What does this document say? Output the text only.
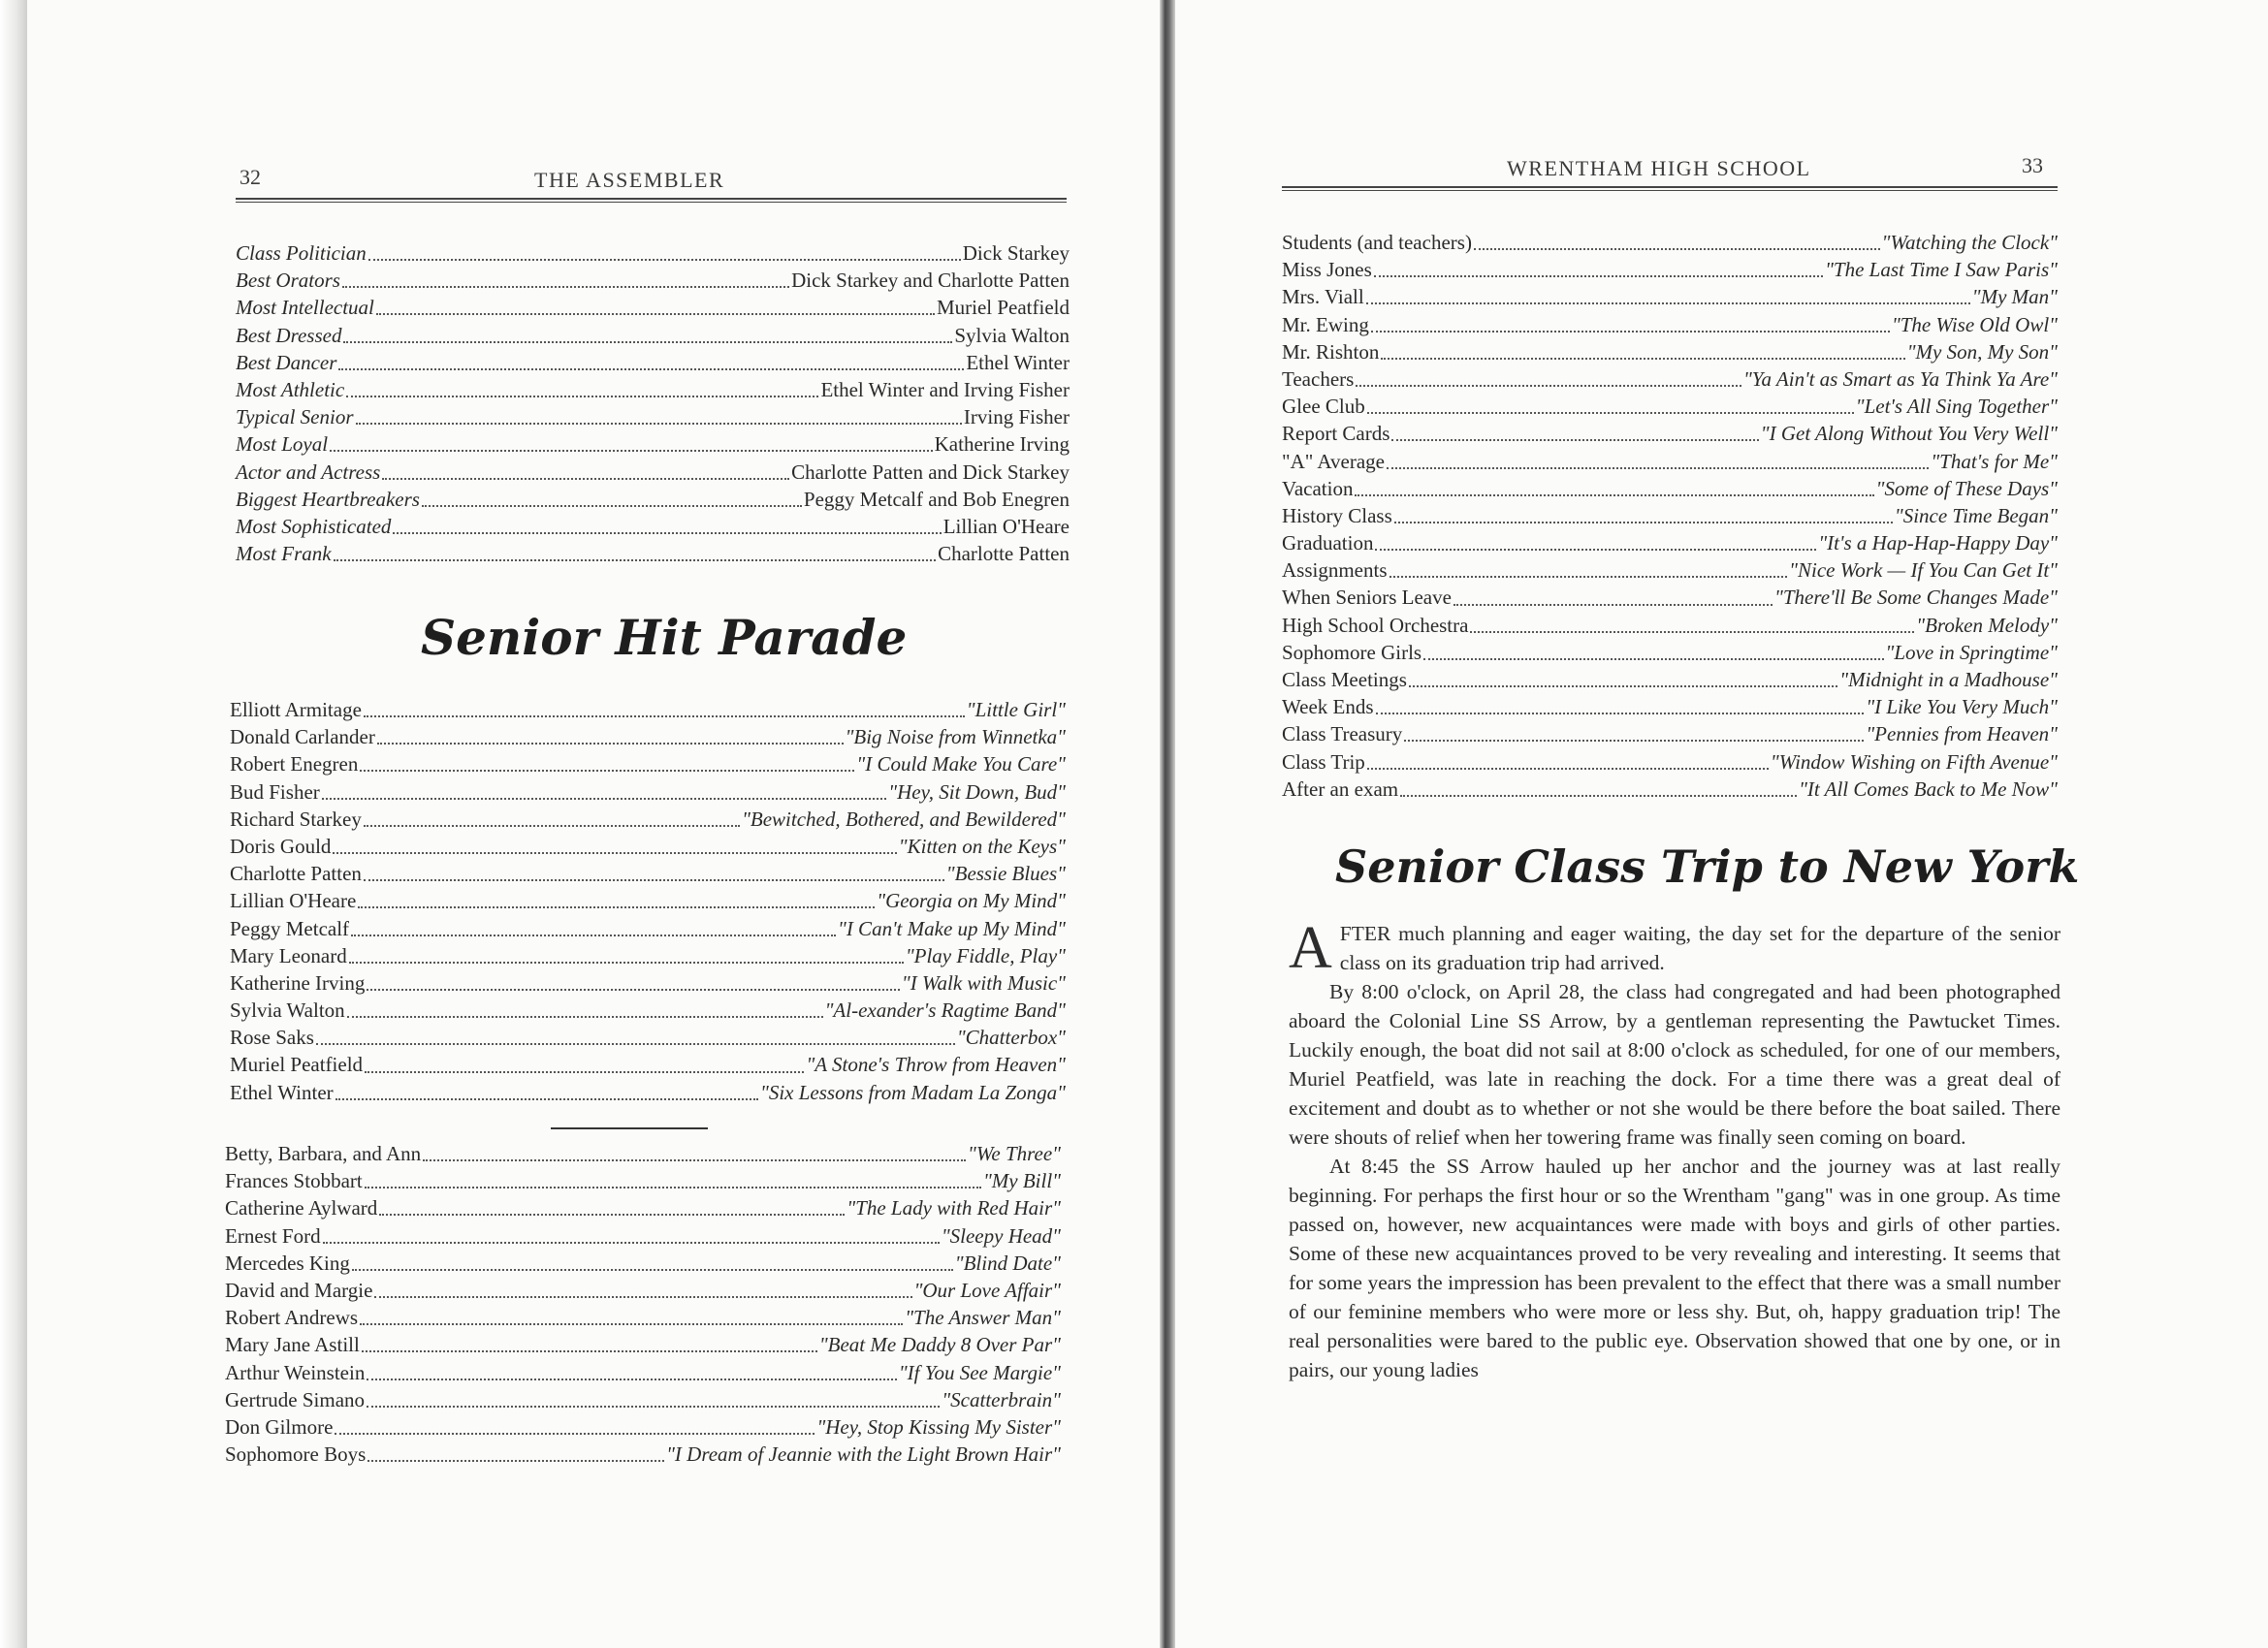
32	THE ASSEMBLER
Class Politician	Dick Starkey
Best Orators	Dick Starkey and Charlotte Patten
Most Intellectual	Muriel Peatfield
Best Dressed	Sylvia Walton
Best Dancer	Ethel Winter
Most Athletic	Ethel Winter and Irving Fisher
Typical Senior	Irving Fisher
Most Loyal	Katherine Irving
Actor and Actress	Charlotte Patten and Dick Starkey
Biggest Heartbreakers	Peggy Metcalf and Bob Enegren
Most Sophisticated	Lillian O'Heare
Most Frank	Charlotte Patten
Senior Hit Parade
Elliott Armitage	"Little Girl"
Donald Carlander	"Big Noise from Winnetka"
Robert Enegren	"I Could Make You Care"
Bud Fisher	"Hey, Sit Down, Bud"
Richard Starkey	"Bewitched, Bothered, and Bewildered"
Doris Gould	"Kitten on the Keys"
Charlotte Patten	"Bessie Blues"
Lillian O'Heare	"Georgia on My Mind"
Peggy Metcalf	"I Can't Make up My Mind"
Mary Leonard	"Play Fiddle, Play"
Katherine Irving	"I Walk with Music"
Sylvia Walton	"Al-exander's Ragtime Band"
Rose Saks	"Chatterbox"
Muriel Peatfield	"A Stone's Throw from Heaven"
Ethel Winter	"Six Lessons from Madam La Zonga"
Betty, Barbara, and Ann	"We Three"
Frances Stobbart	"My Bill"
Catherine Aylward	"The Lady with Red Hair"
Ernest Ford	"Sleepy Head"
Mercedes King	"Blind Date"
David and Margie	"Our Love Affair"
Robert Andrews	"The Answer Man"
Mary Jane Astill	"Beat Me Daddy 8 Over Par"
Arthur Weinstein	"If You See Margie"
Gertrude Simano	"Scatterbrain"
Don Gilmore	"Hey, Stop Kissing My Sister"
Sophomore Boys	"I Dream of Jeannie with the Light Brown Hair"
WRENTHAM HIGH SCHOOL	33
Students (and teachers)	"Watching the Clock"
Miss Jones	"The Last Time I Saw Paris"
Mrs. Viall	"My Man"
Mr. Ewing	"The Wise Old Owl"
Mr. Rishton	"My Son, My Son"
Teachers	"Ya Ain't as Smart as Ya Think Ya Are"
Glee Club	"Let's All Sing Together"
Report Cards	"I Get Along Without You Very Well"
"A" Average	"That's for Me"
Vacation	"Some of These Days"
History Class	"Since Time Began"
Graduation	"It's a Hap-Hap-Happy Day"
Assignments	"Nice Work — If You Can Get It"
When Seniors Leave	"There'll Be Some Changes Made"
High School Orchestra	"Broken Melody"
Sophomore Girls	"Love in Springtime"
Class Meetings	"Midnight in a Madhouse"
Week Ends	"I Like You Very Much"
Class Treasury	"Pennies from Heaven"
Class Trip	"Window Wishing on Fifth Avenue"
After an exam	"It All Comes Back to Me Now"
Senior Class Trip to New York

AFTER much planning and eager waiting, the day set for the departure of the senior class on its graduation trip had arrived.

By 8:00 o'clock, on April 28, the class had congregated and had been photographed aboard the Colonial Line SS Arrow, by a gentleman representing the Pawtucket Times. Luckily enough, the boat did not sail at 8:00 o'clock as scheduled, for one of our members, Muriel Peatfield, was late in reaching the dock. For a time there was a great deal of excitement and doubt as to whether or not she would be there before the boat sailed. There were shouts of relief when her towering frame was finally seen coming on board.

At 8:45 the SS Arrow hauled up her anchor and the journey was at last really beginning. For perhaps the first hour or so the Wrentham "gang" was in one group. As time passed on, however, new acquaintances were made with boys and girls of other parties. Some of these new acquaintances proved to be very revealing and interesting. It seems that for some years the impression has been prevalent to the effect that there was a small number of our feminine members who were more or less shy. But, oh, happy graduation trip! The real personalities were bared to the public eye. Observation showed that one by one, or in pairs, our young ladies
